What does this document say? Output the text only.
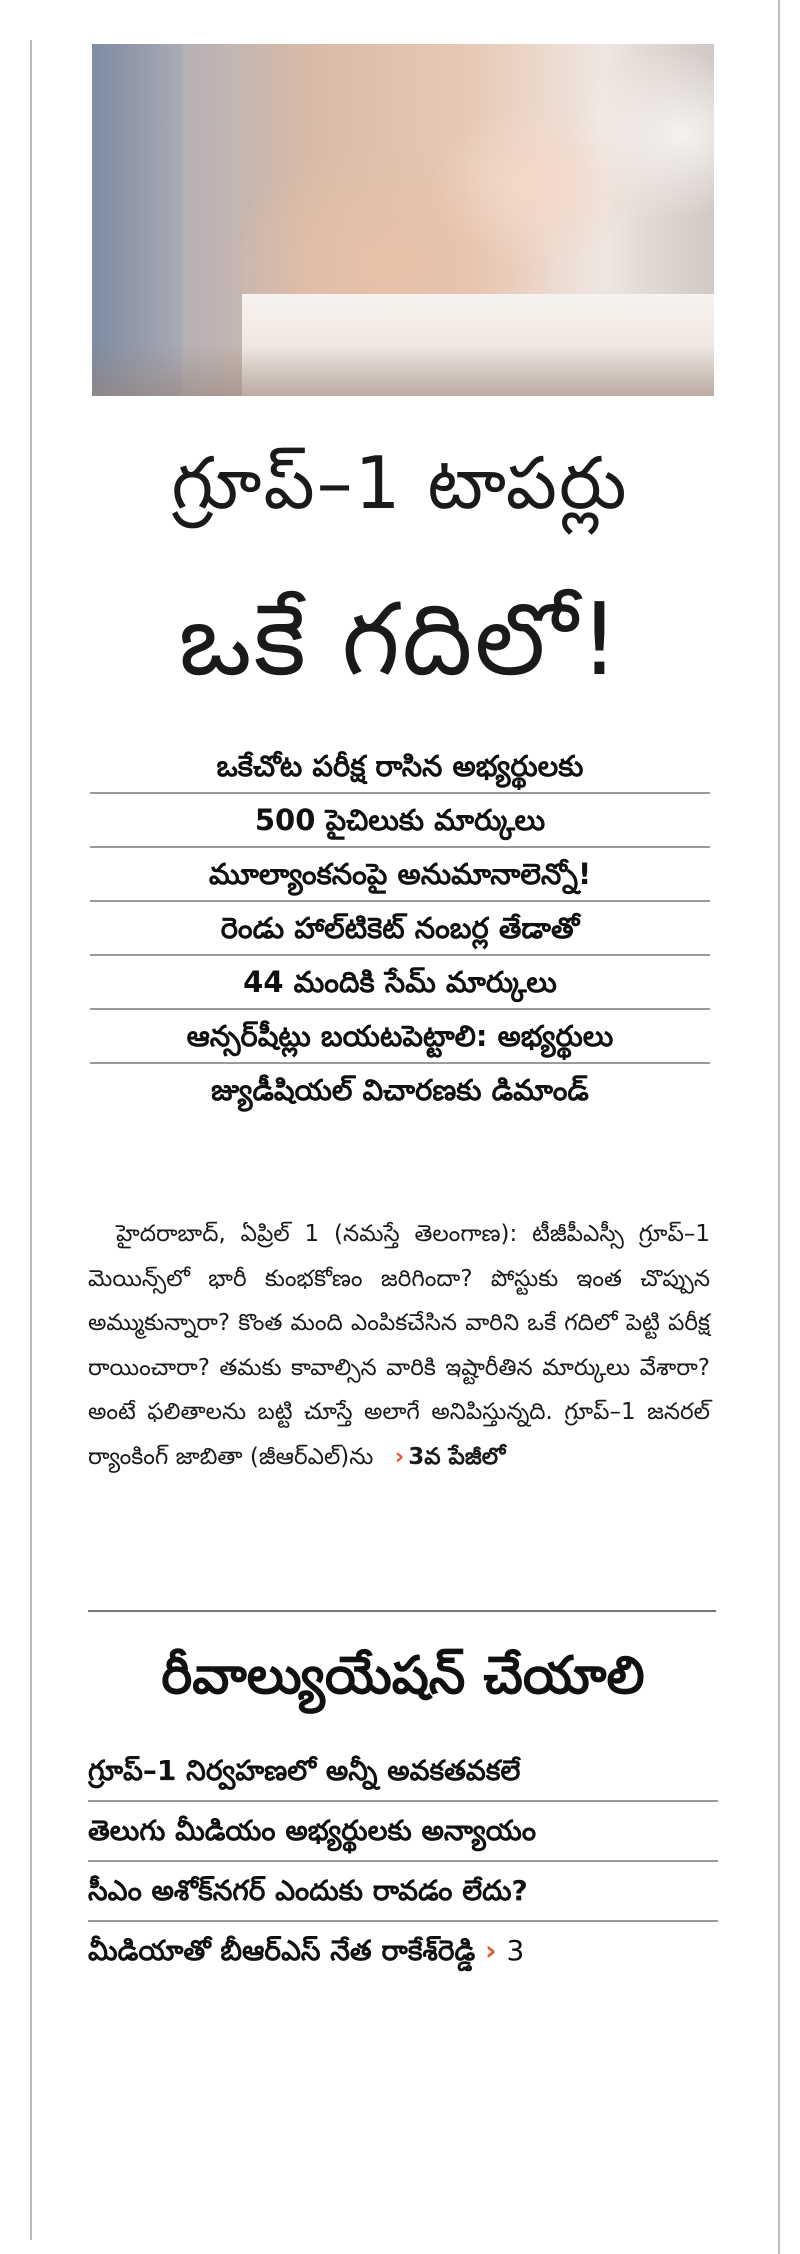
గ్రూప్‌–1 టాపర్లు
ఒకే గదిలో!
ఒకేచోట పరీక్ష రాసిన అభ్యర్థులకు
500 పైచిలుకు మార్కులు
మూల్యాంకనంపై అనుమానాలెన్నో!
రెండు హాల్‌టికెట్‌ నంబర్ల తేడాతో
44 మందికి సేమ్‌ మార్కులు
ఆన్సర్‌షీట్లు బయటపెట్టాలి: అభ్యర్థులు
జ్యుడీషియల్‌ విచారణకు డిమాండ్‌
హైదరాబాద్‌, ఏప్రిల్‌ 1 (నమస్తే తెలంగాణ): టీజీపీఎస్సీ గ్రూప్‌–1 మెయిన్స్‌లో భారీ కుంభకోణం జరిగిందా? పోస్టుకు ఇంత చొప్పున అమ్ముకున్నారా? కొంత మంది ఎంపికచేసిన వారిని ఒకే గదిలో పెట్టి పరీక్ష రాయించారా? తమకు కావాల్సిన వారికి ఇష్టారీతిన మార్కులు వేశారా? అంటే ఫలితాలను బట్టి చూస్తే అలాగే అనిపిస్తున్నది. గ్రూప్‌–1 జనరల్‌ ర్యాంకింగ్‌ జాబితా (జీఆర్‌ఎల్‌)ను › 3వ పేజీలో
రీవాల్యుయేషన్‌ చేయాలి
గ్రూప్‌–1 నిర్వహణలో అన్నీ అవకతవకలే
తెలుగు మీడియం అభ్యర్థులకు అన్యాయం
సీఎం అశోక్‌నగర్‌ ఎందుకు రావడం లేదు?
మీడియాతో బీఆర్‌ఎస్‌ నేత రాకేశ్‌రెడ్డి › 3
